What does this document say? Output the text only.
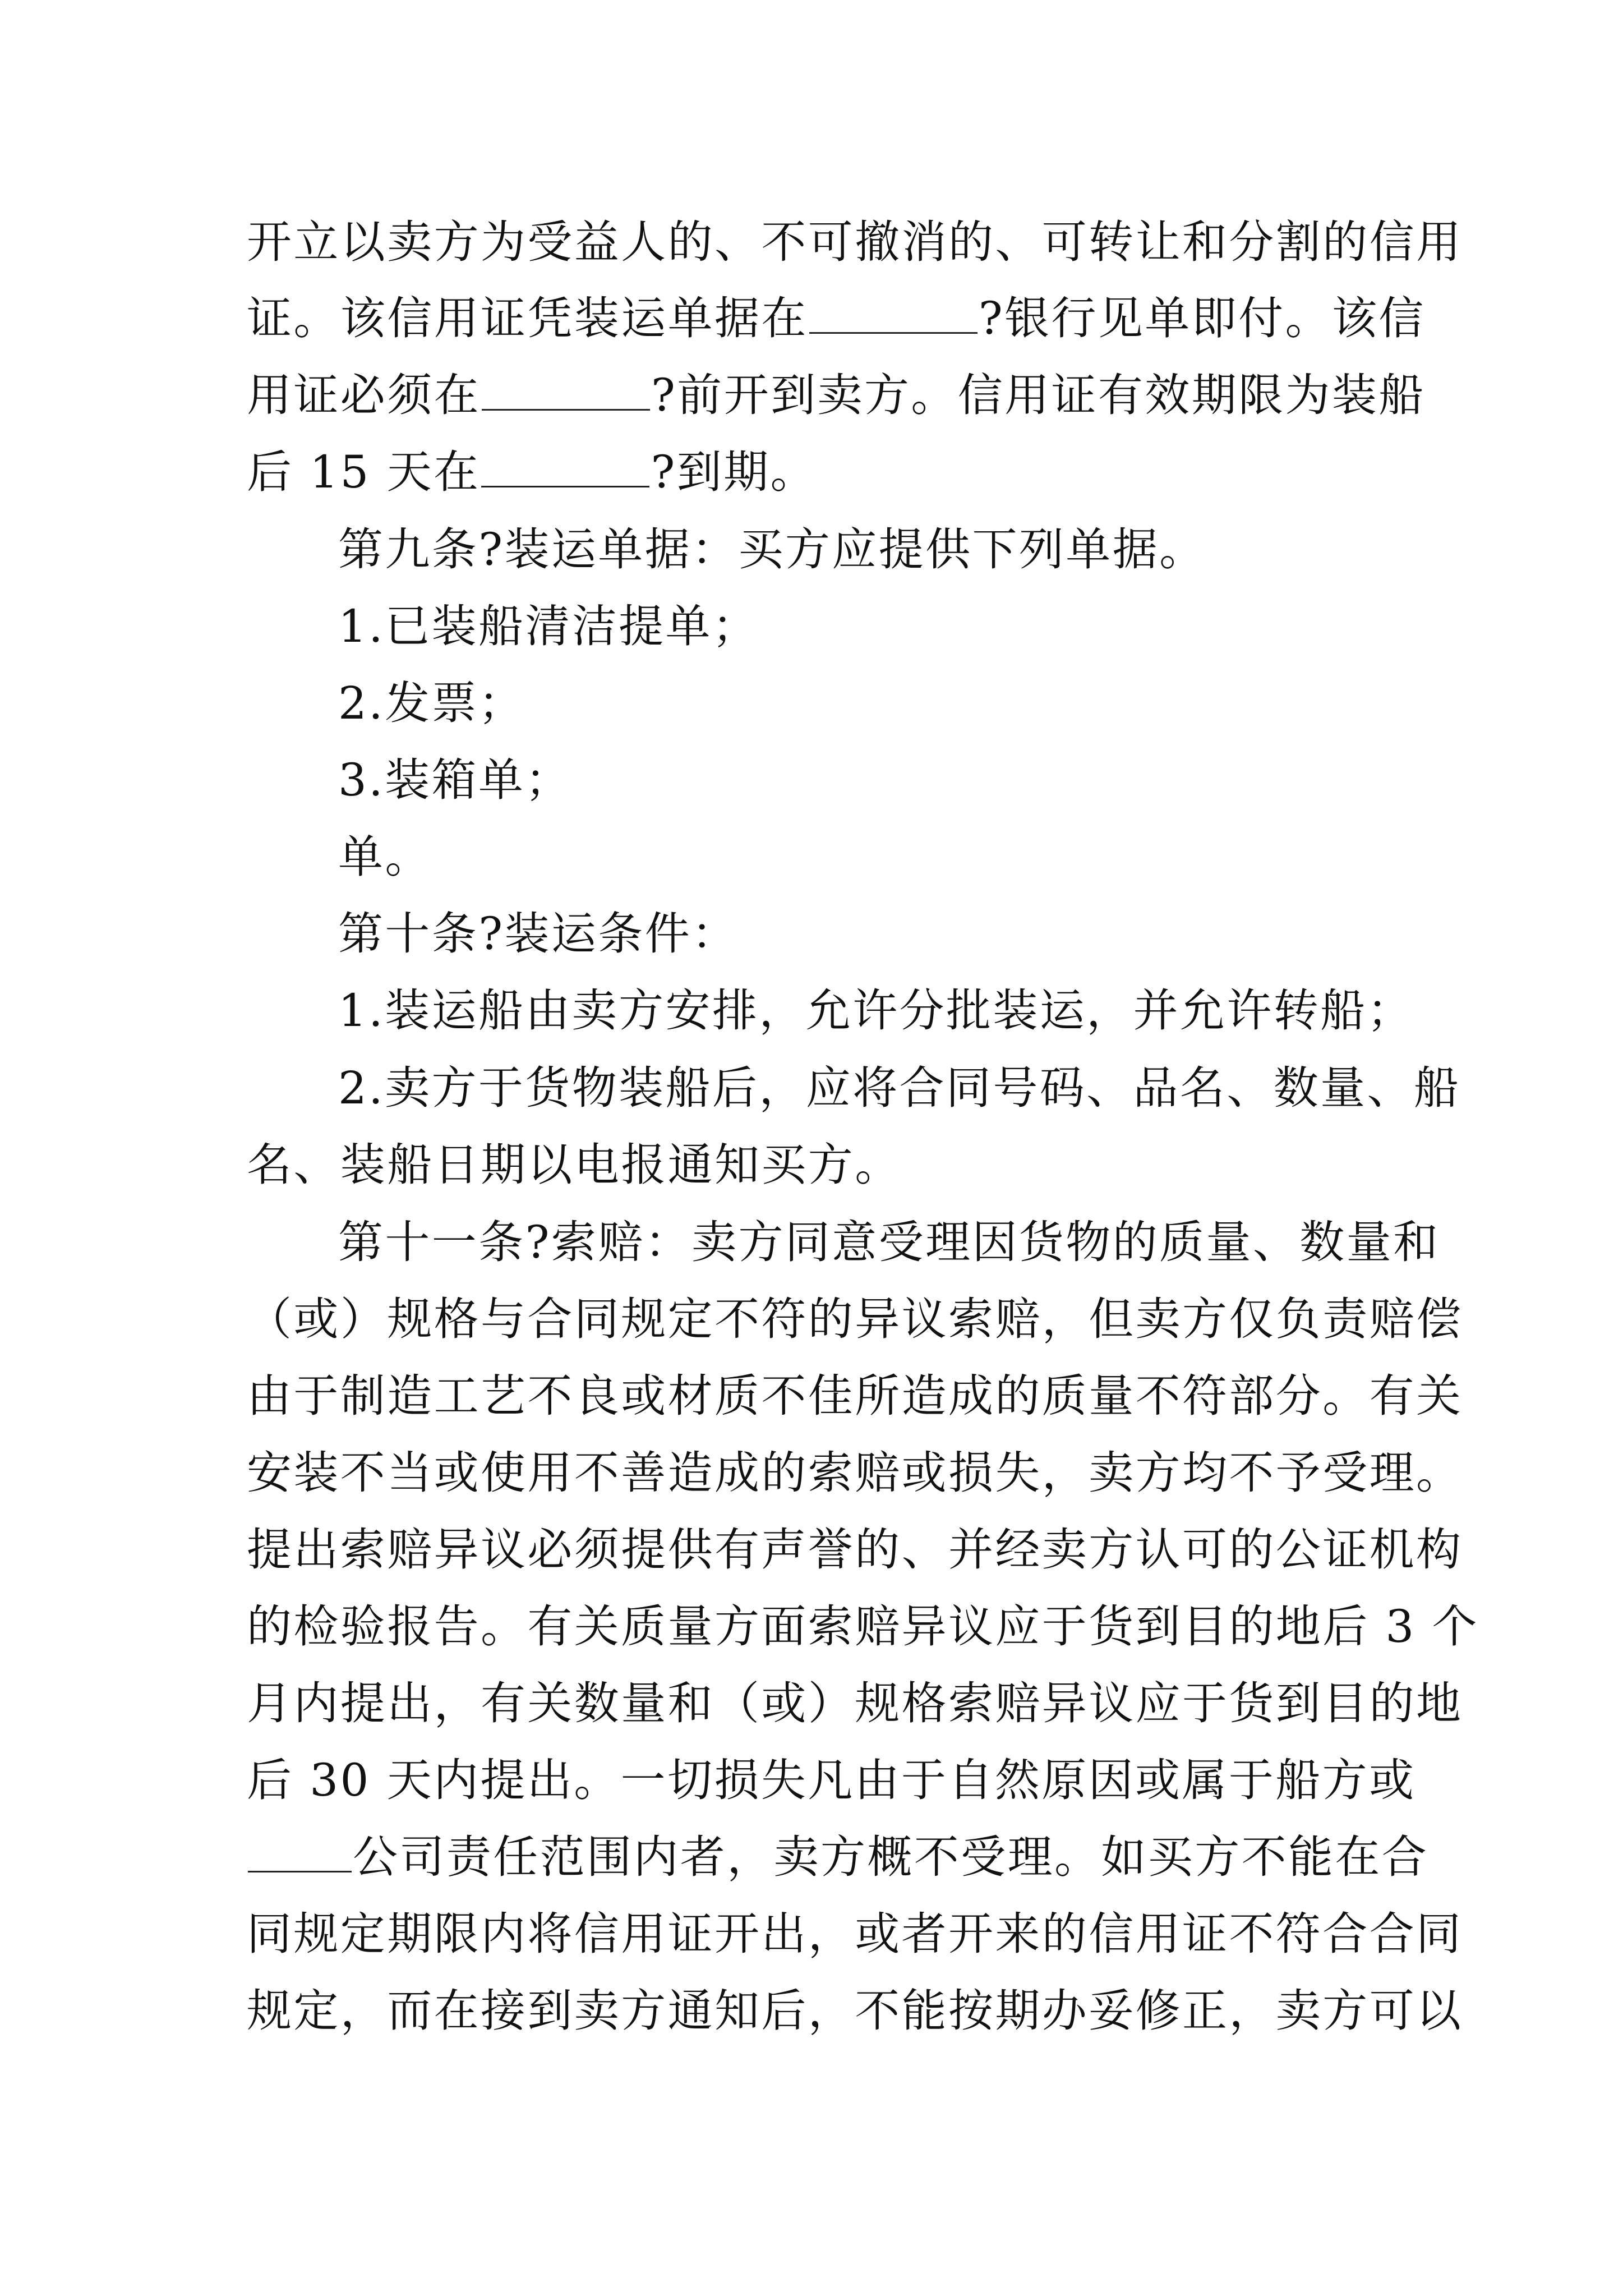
开立以卖方为受益人的、不可撤消的、可转让和分割的信用
证。该信用证凭装运单据在	?银行见单即付。该信
用证必须在	?前开到卖方。信用证有效期限为装船
后 15 天在	?到期。
第九条?装运单据：买方应提供下列单据。
1.已装船清洁提单；
2.发票；
3.装箱单；
单。
第十条?装运条件：
1.装运船由卖方安排，允许分批装运，并允许转船；
2.卖方于货物装船后，应将合同号码、品名、数量、船
名、装船日期以电报通知买方。
第十一条?索赔：卖方同意受理因货物的质量、数量和
（或）规格与合同规定不符的异议索赔，但卖方仅负责赔偿
由于制造工艺不良或材质不佳所造成的质量不符部分。有关
安装不当或使用不善造成的索赔或损失，卖方均不予受理。
提出索赔异议必须提供有声誉的、并经卖方认可的公证机构
的检验报告。有关质量方面索赔异议应于货到目的地后 3 个
月内提出，有关数量和（或）规格索赔异议应于货到目的地
后 30 天内提出。一切损失凡由于自然原因或属于船方或
公司责任范围内者，卖方概不受理。如买方不能在合
同规定期限内将信用证开出，或者开来的信用证不符合合同
规定，而在接到卖方通知后，不能按期办妥修正，卖方可以
